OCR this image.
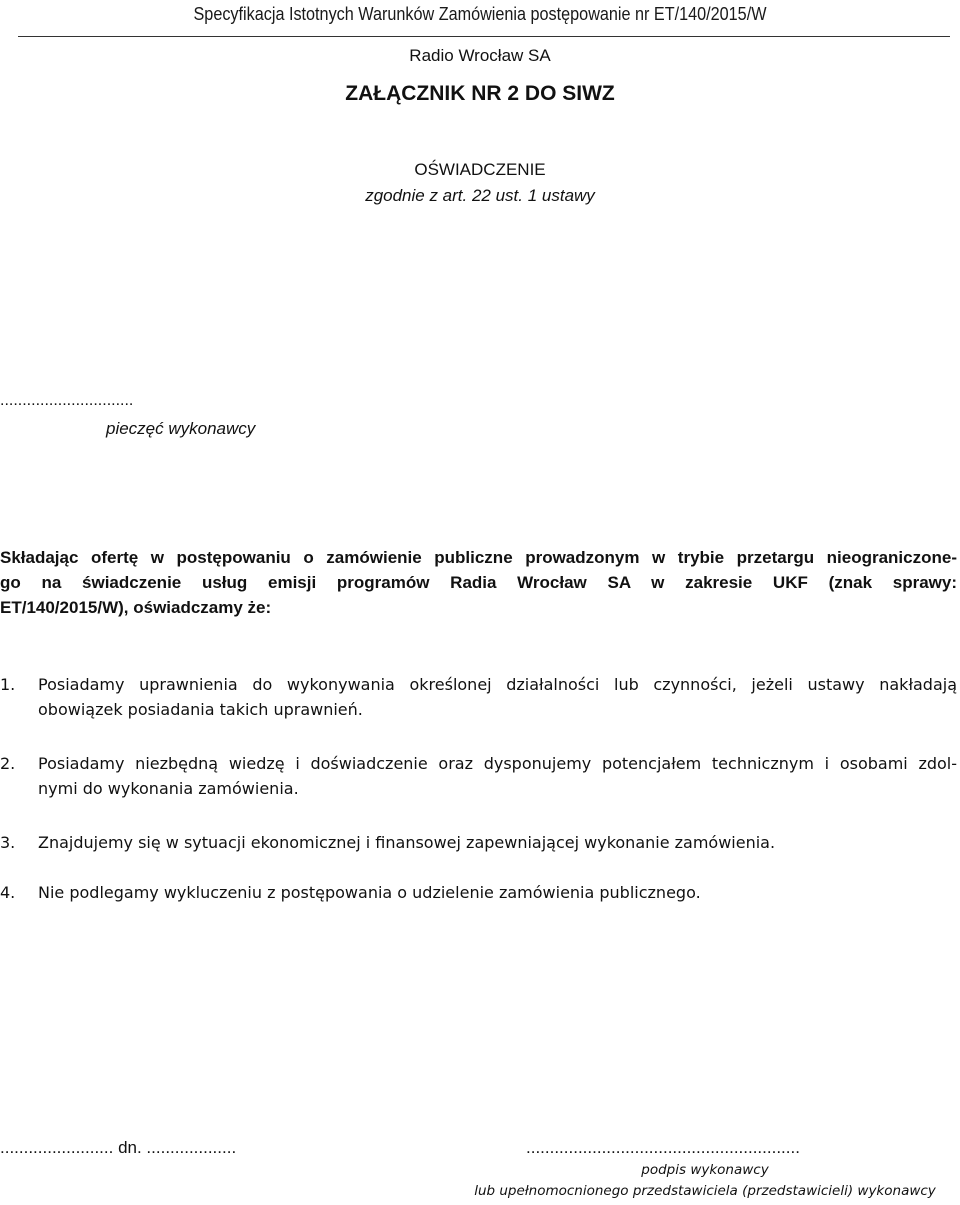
Specyfikacja Istotnych Warunków Zamówienia postępowanie nr ET/140/2015/W
Radio Wrocław SA
ZAŁĄCZNIK NR 2 DO SIWZ
OŚWIADCZENIE
zgodnie z art. 22 ust. 1 ustawy
..............................
pieczęć wykonawcy
Składając ofertę w postępowaniu o zamówienie publiczne prowadzonym w trybie przetargu nieograniczone-
go na świadczenie usług emisji programów Radia Wrocław SA w zakresie UKF (znak sprawy:
ET/140/2015/W), oświadczamy że:
1. Posiadamy uprawnienia do wykonywania określonej działalności lub czynności, jeżeli ustawy nakładają
obowiązek posiadania takich uprawnień.
2. Posiadamy niezbędną wiedzę i doświadczenie oraz dysponujemy potencjałem technicznym i osobami zdol-
nymi do wykonania zamówienia.
3. Znajdujemy się w sytuacji ekonomicznej i finansowej zapewniającej wykonanie zamówienia.
4. Nie podlegamy wykluczeniu z postępowania o udzielenie zamówienia publicznego.
........................ dn. ...................	..........................................................
podpis wykonawcy
lub upełnomocnionego przedstawiciela (przedstawicieli) wykonawcy
